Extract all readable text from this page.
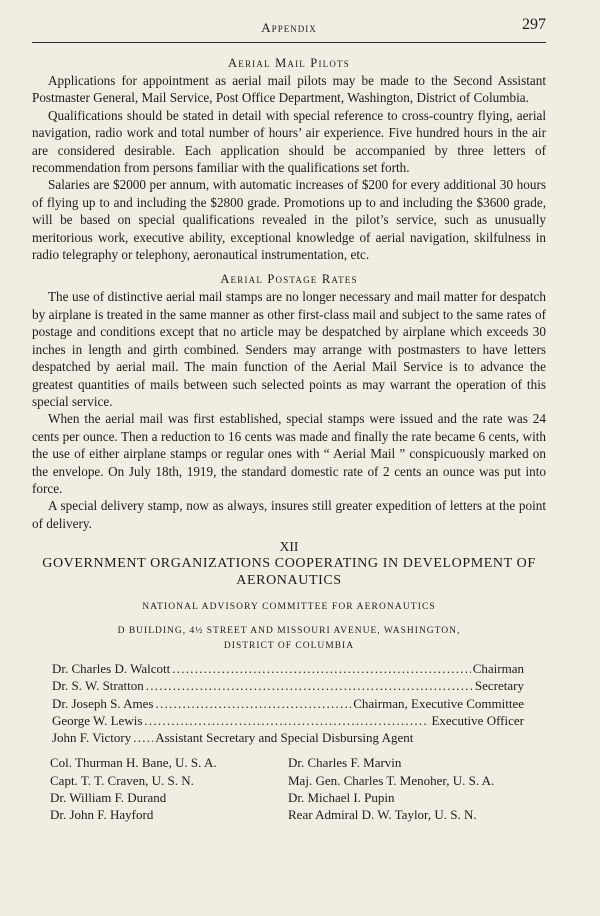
Appendix	297
Aerial Mail Pilots

Applications for appointment as aerial mail pilots may be made to the Second Assistant Postmaster General, Mail Service, Post Office Department, Washington, District of Columbia.

Qualifications should be stated in detail with special reference to cross-country flying, aerial navigation, radio work and total number of hours’ air experience. Five hundred hours in the air are considered desirable. Each application should be accompanied by three letters of recommendation from persons familiar with the qualifications set forth.

Salaries are $2000 per annum, with automatic increases of $200 for every additional 30 hours of flying up to and including the $2800 grade. Promotions up to and including the $3600 grade, will be based on special qualifications revealed in the pilot’s service, such as unusually meritorious work, executive ability, exceptional knowledge of aerial navigation, skilfulness in radio telegraphy or telephony, aeronautical instrumentation, etc.

Aerial Postage Rates

The use of distinctive aerial mail stamps are no longer necessary and mail matter for despatch by airplane is treated in the same manner as other first-class mail and subject to the same rates of postage and conditions except that no article may be despatched by airplane which exceeds 30 inches in length and girth combined. Senders may arrange with postmasters to have letters despatched by aerial mail. The main function of the Aerial Mail Service is to advance the greatest quantities of mails between such selected points as may warrant the operation of this special service.

When the aerial mail was first established, special stamps were issued and the rate was 24 cents per ounce. Then a reduction to 16 cents was made and finally the rate became 6 cents, with the use of either airplane stamps or regular ones with “ Aerial Mail ” conspicuously marked on the envelope. On July 18th, 1919, the standard domestic rate of 2 cents an ounce was put into force.

A special delivery stamp, now as always, insures still greater expedition of letters at the point of delivery.

XII
GOVERNMENT ORGANIZATIONS COOPERATING IN DEVELOPMENT OF AERONAUTICS
NATIONAL ADVISORY COMMITTEE FOR AERONAUTICS
D BUILDING, 4½ STREET AND MISSOURI AVENUE, WASHINGTON,
DISTRICT OF COLUMBIA
Dr. Charles D. Walcott . . .	Chairman
Dr. S. W. Stratton . . .	Secretary
Dr. Joseph S. Ames . . .	Chairman, Executive Committee
George W. Lewis . . .	Executive Officer
John F. Victory . . . Assistant Secretary and Special Disbursing Agent
Col. Thurman H. Bane, U. S. A.
Capt. T. T. Craven, U. S. N.
Dr. William F. Durand
Dr. John F. Hayford
Dr. Charles F. Marvin
Maj. Gen. Charles T. Menoher, U. S. A.
Dr. Michael I. Pupin
Rear Admiral D. W. Taylor, U. S. N.
